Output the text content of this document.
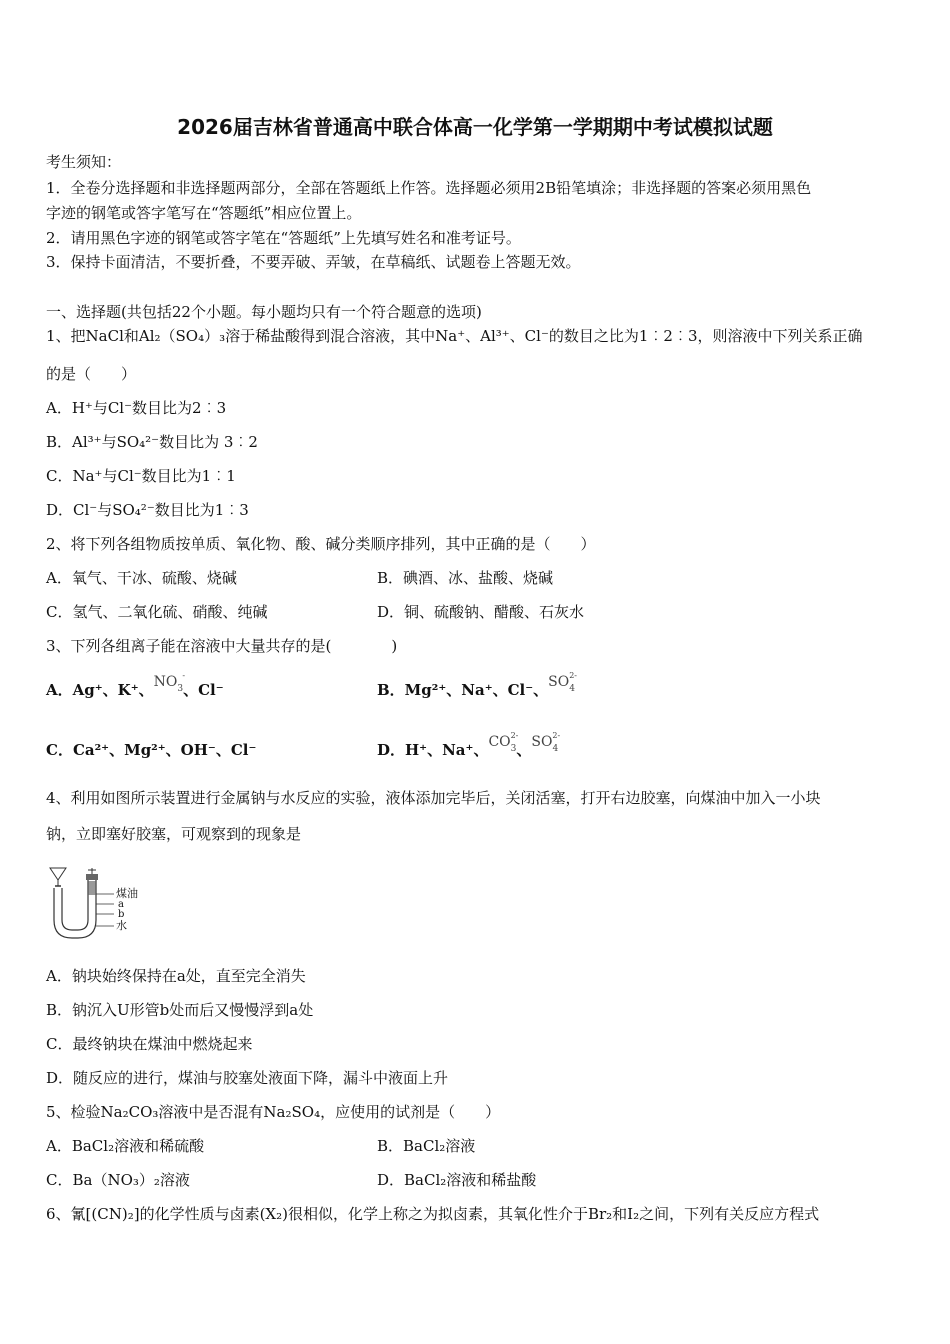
2026届吉林省普通高中联合体高一化学第一学期期中考试模拟试题
考生须知：
1．全卷分选择题和非选择题两部分，全部在答题纸上作答。选择题必须用2B铅笔填涂；非选择题的答案必须用黑色
字迹的钢笔或答字笔写在“答题纸”相应位置上。
2．请用黑色字迹的钢笔或答字笔在“答题纸”上先填写姓名和准考证号。
3．保持卡面清洁，不要折叠，不要弄破、弄皱，在草稿纸、试题卷上答题无效。
一、选择题(共包括22个小题。每小题均只有一个符合题意的选项)
1、把NaCl和Al₂（SO₄）₃溶于稀盐酸得到混合溶液，其中Na⁺、Al³⁺、Cl⁻的数目之比为1︰2︰3，则溶液中下列关系正确
的是（　　）
A．H⁺与Cl⁻数目比为2︰3
B．Al³⁺与SO₄²⁻数目比为 3︰2
C．Na⁺与Cl⁻数目比为1︰1
D．Cl⁻与SO₄²⁻数目比为1︰3
2、将下列各组物质按单质、氧化物、酸、碱分类顺序排列，其中正确的是（　　）
A．氧气、干冰、硫酸、烧碱	B．碘酒、冰、盐酸、烧碱
C．氢气、二氧化硫、硝酸、纯碱	D．铜、硫酸钠、醋酸、石灰水
3、下列各组离子能在溶液中大量共存的是(　　　　)
A．Ag⁺、K⁺、$NO_3$
-
、Cl⁻	B．Mg²⁺、Na⁺、Cl⁻、$SO_4$
2-
C．Ca²⁺、Mg²⁺、OH⁻、Cl⁻	D．H⁺、Na⁺、$CO_3$
2-
、$SO_4$
2-
4、利用如图所示装置进行金属钠与水反应的实验，液体添加完毕后，关闭活塞，打开右边胶塞，向煤油中加入一小块
钠，立即塞好胶塞，可观察到的现象是
煤油
a
b
水
A．钠块始终保持在a处，直至完全消失
B．钠沉入U形管b处而后又慢慢浮到a处
C．最终钠块在煤油中燃烧起来
D．随反应的进行，煤油与胶塞处液面下降，漏斗中液面上升
5、检验Na₂CO₃溶液中是否混有Na₂SO₄，应使用的试剂是（　　）
A．BaCl₂溶液和稀硫酸	B．BaCl₂溶液
C．Ba（NO₃）₂溶液	D．BaCl₂溶液和稀盐酸
6、氰[(CN)₂]的化学性质与卤素(X₂)很相似，化学上称之为拟卤素，其氧化性介于Br₂和I₂之间，下列有关反应方程式
